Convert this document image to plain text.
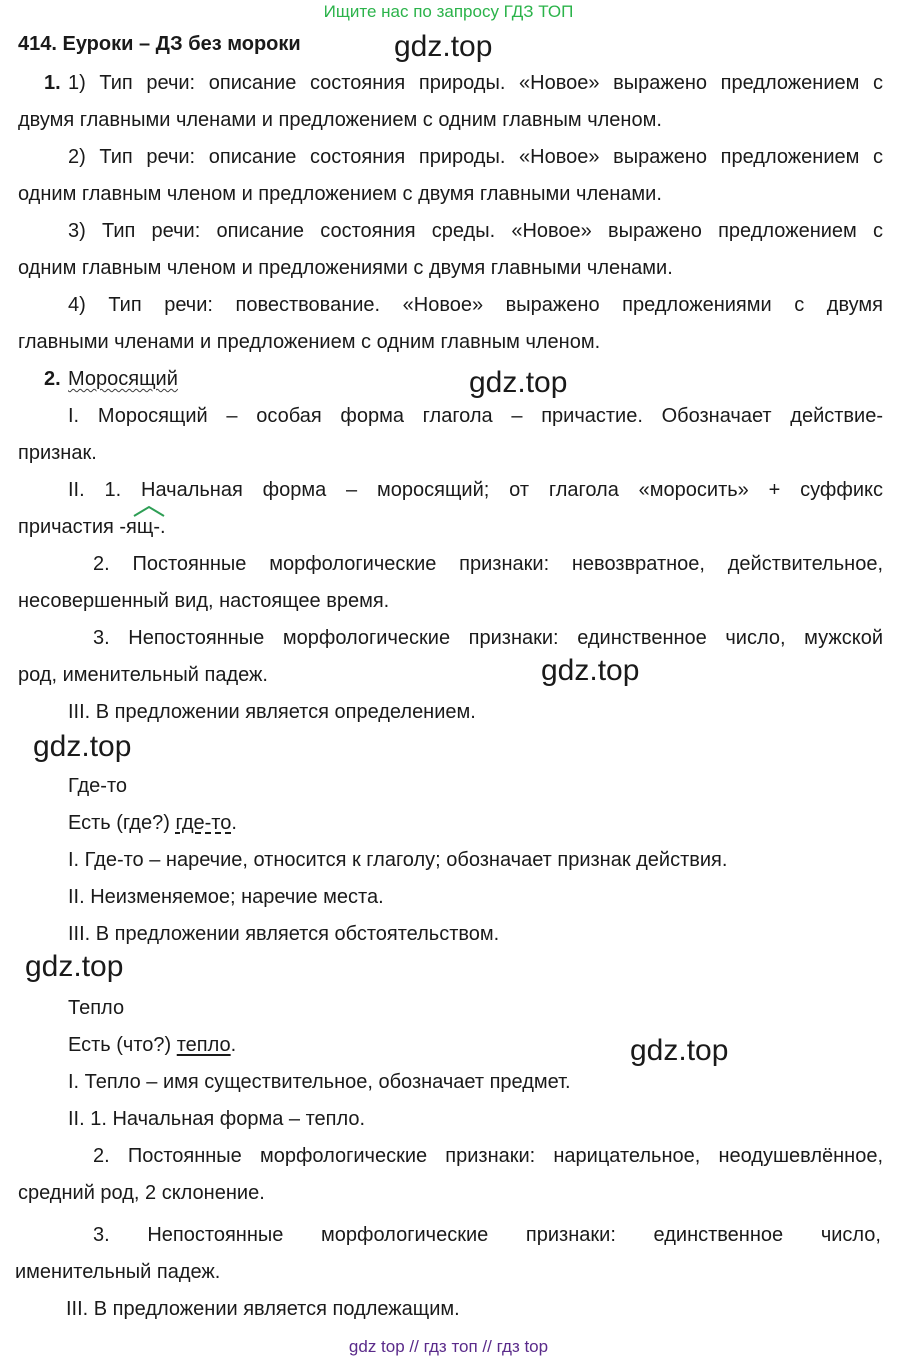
Ищите нас по запросу ГДЗ ТОП
414. Еуроки – ДЗ без мороки	gdz.top
gdz.top
gdz.top
gdz.top
gdz.top
gdz.top
1. 1) Тип речи: описание состояния природы. «Новое» выражено предложением с
двумя главными членами и предложением с одним главным членом.
2) Тип речи: описание состояния природы. «Новое» выражено предложением с
одним главным членом и предложением с двумя главными членами.
3) Тип речи: описание состояния среды. «Новое» выражено предложением с
одним главным членом и предложениями с двумя главными членами.
4) Тип речи: повествование. «Новое» выражено предложениями с двумя
главными членами и предложением с одним главным членом.
2. Моросящий
I. Моросящий – особая форма глагола – причастие. Обозначает действие-
признак.
II. 1. Начальная форма – моросящий; от глагола «моросить» + суффикс
причастия -ящ-.
2. Постоянные морфологические признаки: невозвратное, действительное,
несовершенный вид, настоящее время.
3. Непостоянные морфологические признаки: единственное число, мужской
род, именительный падеж.
III. В предложении является определением.
Где-то
Есть (где?) где-то.
I. Где-то – наречие, относится к глаголу; обозначает признак действия.
II. Неизменяемое; наречие места.
III. В предложении является обстоятельством.
Тепло
Есть (что?) тепло.
I. Тепло – имя существительное, обозначает предмет.
II. 1. Начальная форма – тепло.
2. Постоянные морфологические признаки: нарицательное, неодушевлённое,
средний род, 2 склонение.
3. Непостоянные морфологические признаки: единственное число,
именительный падеж.
III. В предложении является подлежащим.
gdz top // гдз топ // гдз top
